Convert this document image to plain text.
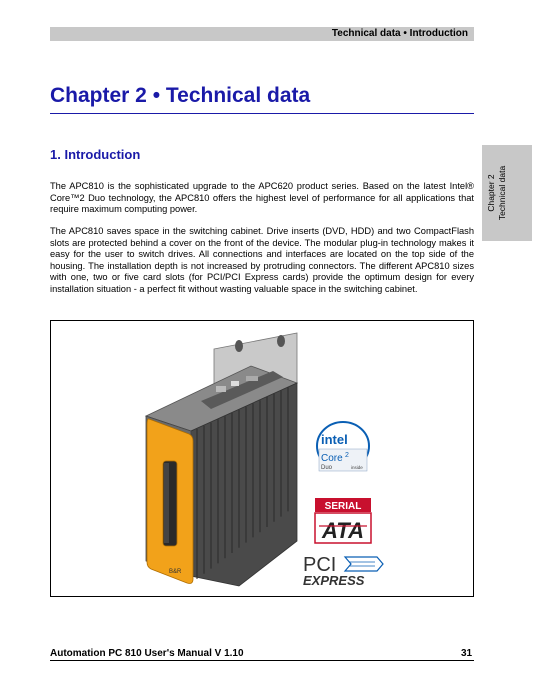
Technical data • Introduction
Chapter 2 • Technical data
1. Introduction
Chapter 2 Technical data

The APC810 is the sophisticated upgrade to the APC620 product series. Based on the latest Intel® Core™2 Duo technology, the APC810 offers the highest level of performance for all applications that require maximum computing power.

The APC810 saves space in the switching cabinet. Drive inserts (DVD, HDD) and two CompactFlash slots are protected behind a cover on the front of the device. The modular plug-in technology makes it easy for the user to switch drives. All connections and interfaces are located on the top side of the housing. The installation depth is not increased by protruding connectors. The different APC810 sizes with one, two or five card slots (for PCI/PCI Express cards) provide the optimum design for every installation situation - a perfect fit without wasting valuable space in the switching cabinet.

B&R
intel
Core 2
Duo	inside
SERIAL
ATA
PCI
EXPRESS
Automation PC 810 User's Manual V 1.10	31
